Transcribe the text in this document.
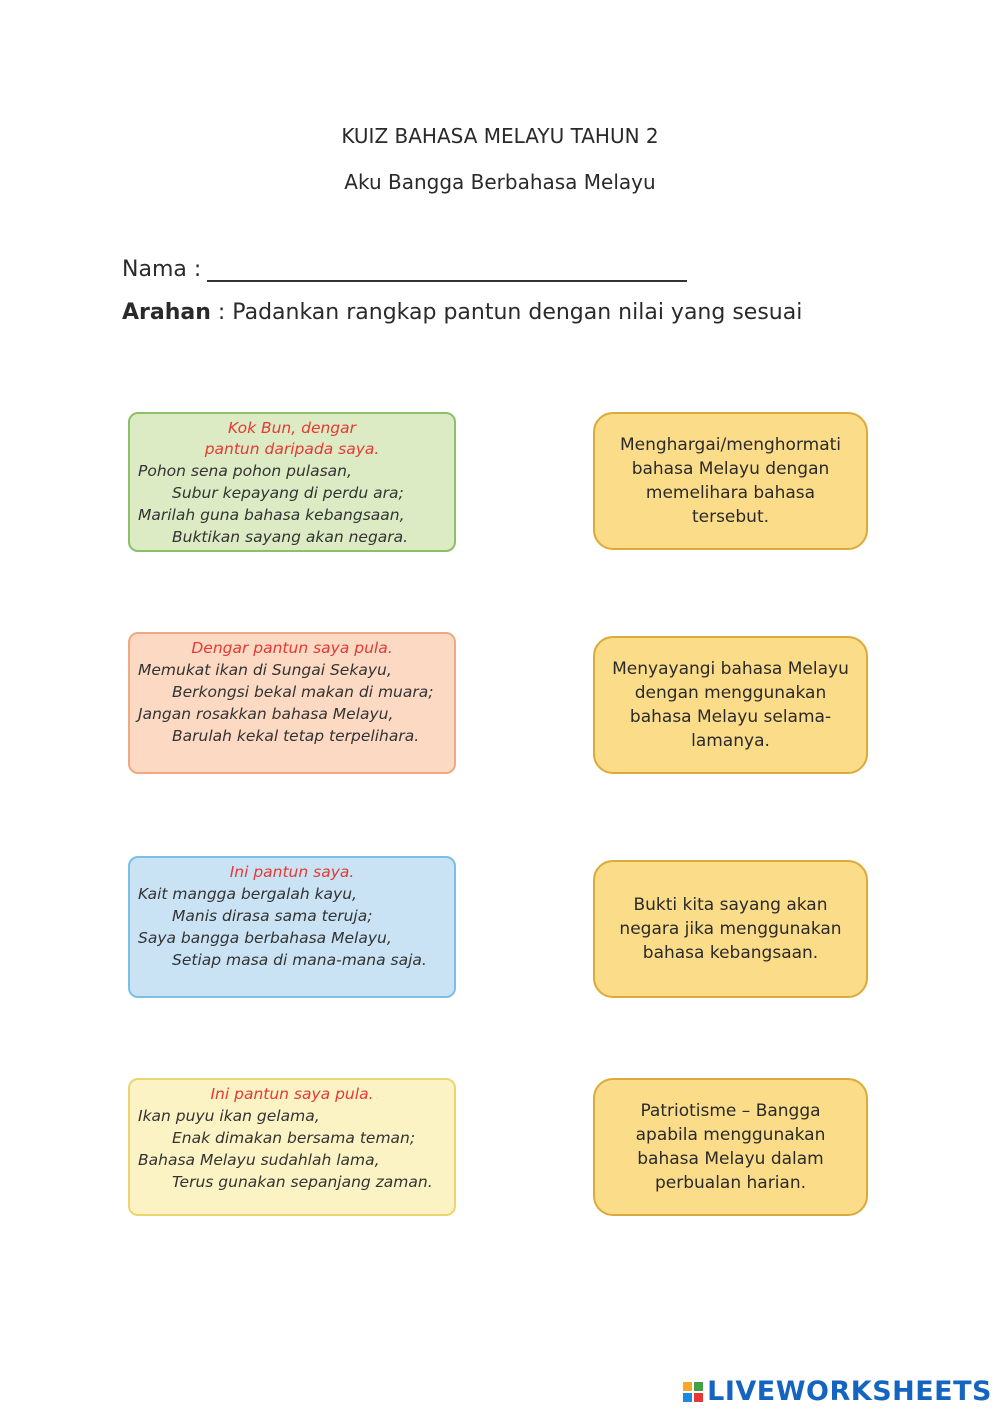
KUIZ BAHASA MELAYU TAHUN 2
Aku Bangga Berbahasa Melayu
Nama :
Arahan : Padankan rangkap pantun dengan nilai yang sesuai
Kok Bun, dengar
pantun daripada saya.
Pohon sena pohon pulasan,
Subur kepayang di perdu ara;
Marilah guna bahasa kebangsaan,
Buktikan sayang akan negara.
Dengar pantun saya pula.
Memukat ikan di Sungai Sekayu,
Berkongsi bekal makan di muara;
Jangan rosakkan bahasa Melayu,
Barulah kekal tetap terpelihara.
Ini pantun saya.
Kait mangga bergalah kayu,
Manis dirasa sama teruja;
Saya bangga berbahasa Melayu,
Setiap masa di mana-mana saja.
Ini pantun saya pula.
Ikan puyu ikan gelama,
Enak dimakan bersama teman;
Bahasa Melayu sudahlah lama,
Terus gunakan sepanjang zaman.
Menghargai/menghormati bahasa Melayu dengan memelihara bahasa tersebut.
Menyayangi bahasa Melayu dengan menggunakan bahasa Melayu selama-lamanya.
Bukti kita sayang akan negara jika menggunakan bahasa kebangsaan.
Patriotisme – Bangga apabila menggunakan bahasa Melayu dalam perbualan harian.
LIVEWORKSHEETS
